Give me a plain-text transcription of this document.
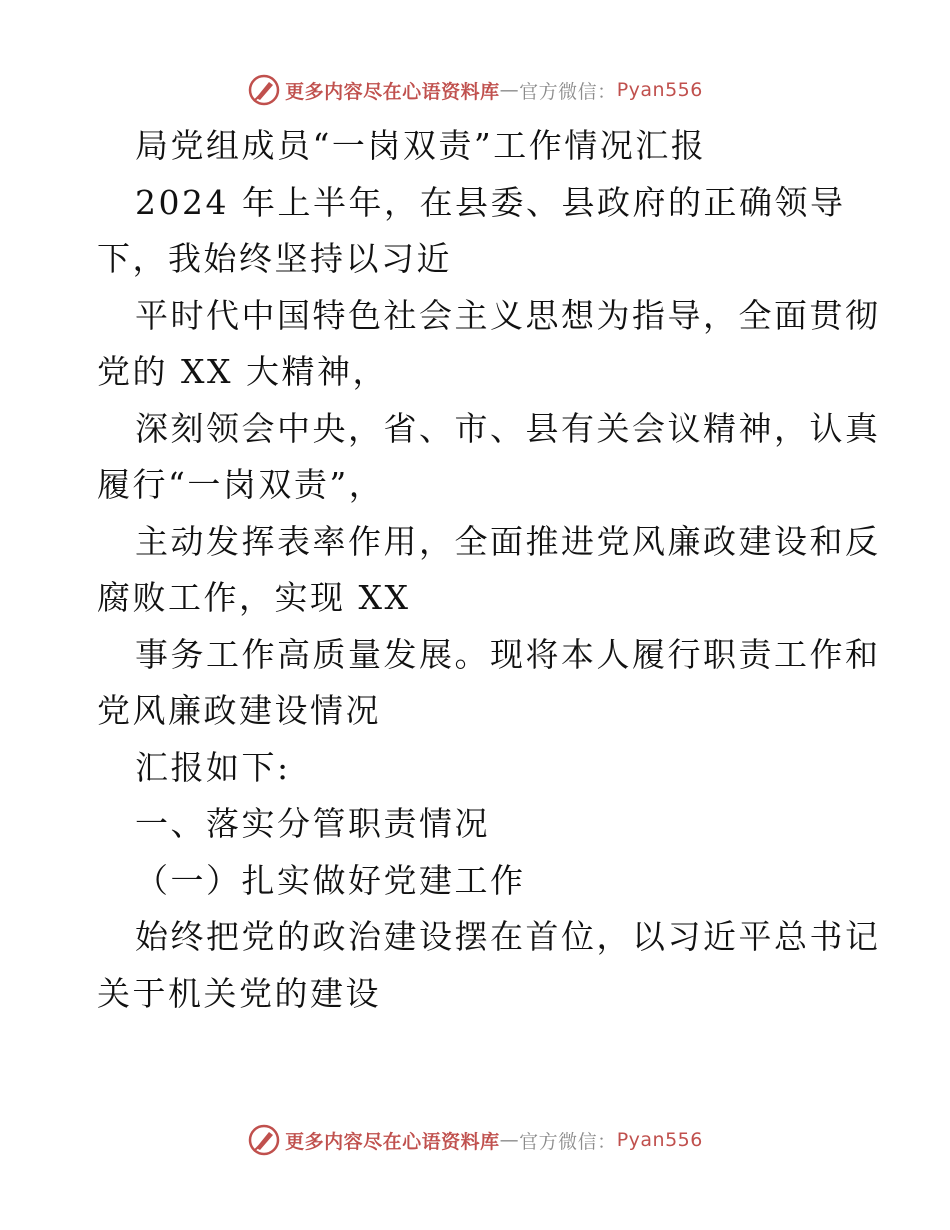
更多内容尽在心语资料库 — 官方微信： Pyan556
局党组成员“一岗双责”工作情况汇报
2024 年上半年，在县委、县政府的正确领导
下，我始终坚持以习近
平时代中国特色社会主义思想为指导，全面贯彻
党的 XX 大精神，
深刻领会中央，省、市、县有关会议精神，认真
履行“一岗双责”，
主动发挥表率作用，全面推进党风廉政建设和反
腐败工作，实现 XX
事务工作高质量发展。现将本人履行职责工作和
党风廉政建设情况
汇报如下:
一、落实分管职责情况
（一）扎实做好党建工作
始终把党的政治建设摆在首位，以习近平总书记
关于机关党的建设
更多内容尽在心语资料库 — 官方微信： Pyan556
